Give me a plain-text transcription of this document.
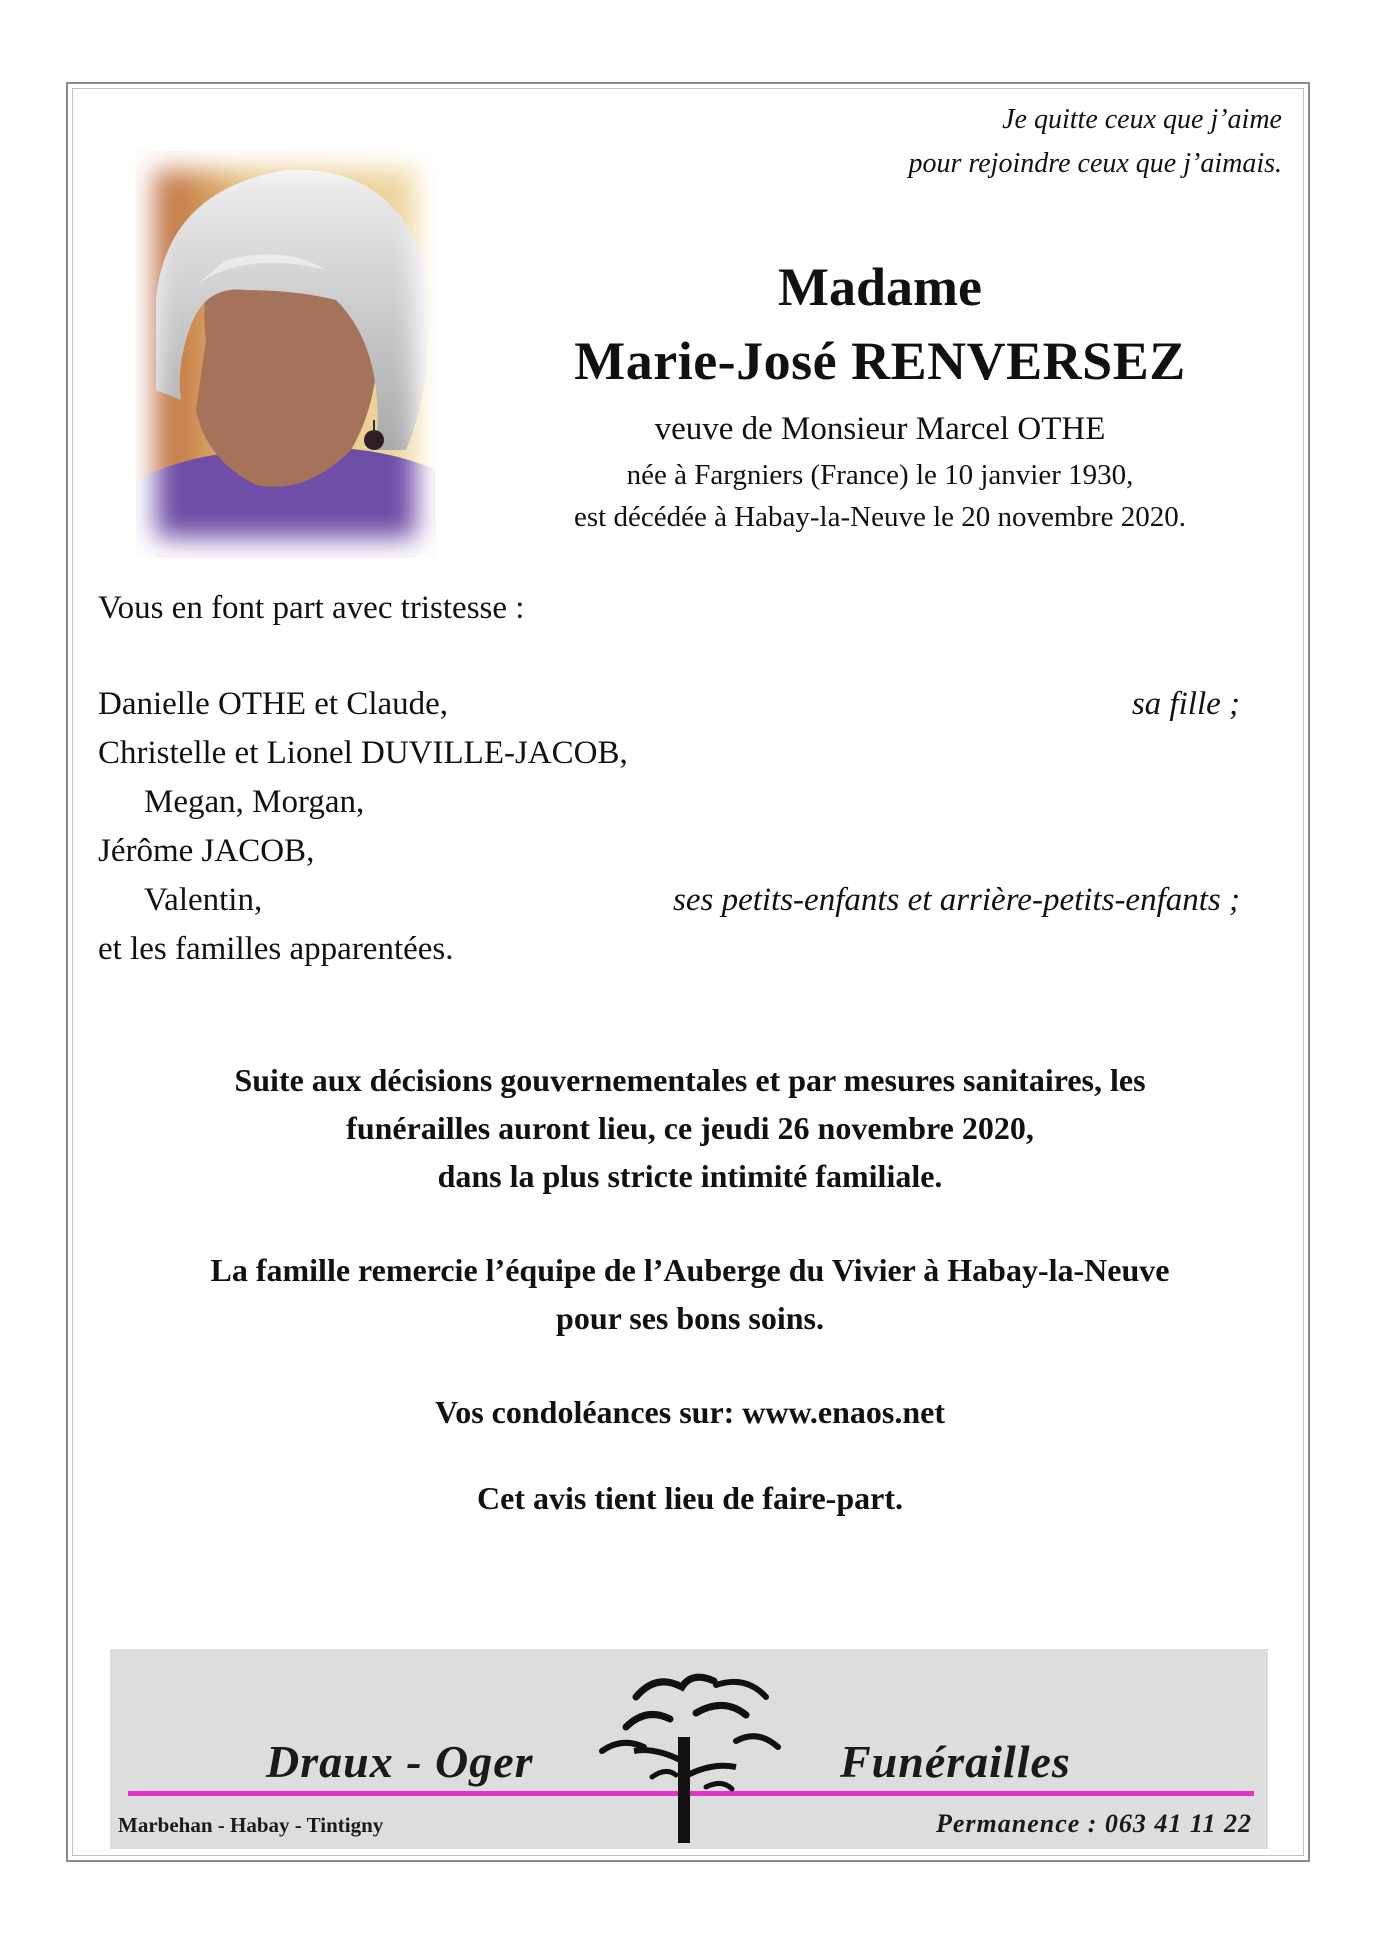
Je quitte ceux que j’aime
pour rejoindre ceux que j’aimais.
Madame
Marie-José RENVERSEZ
veuve de Monsieur Marcel OTHE
née à Fargniers (France) le 10 janvier 1930,
est décédée à Habay-la-Neuve le 20 novembre 2020.
Vous en font part avec tristesse :
Danielle OTHE et Claude,	sa fille ;
Christelle et Lionel DUVILLE-JACOB,
Megan, Morgan,
Jérôme JACOB,
Valentin,	ses petits-enfants et arrière-petits-enfants ;
et les familles apparentées.
Suite aux décisions gouvernementales et par mesures sanitaires, les
funérailles auront lieu, ce jeudi 26 novembre 2020,
dans la plus stricte intimité familiale.
La famille remercie l’équipe de l’Auberge du Vivier à Habay-la-Neuve
pour ses bons soins.
Vos condoléances sur: www.enaos.net
Cet avis tient lieu de faire-part.
Draux - Oger	Funérailles
Marbehan - Habay - Tintigny	Permanence : 063 41 11 22
